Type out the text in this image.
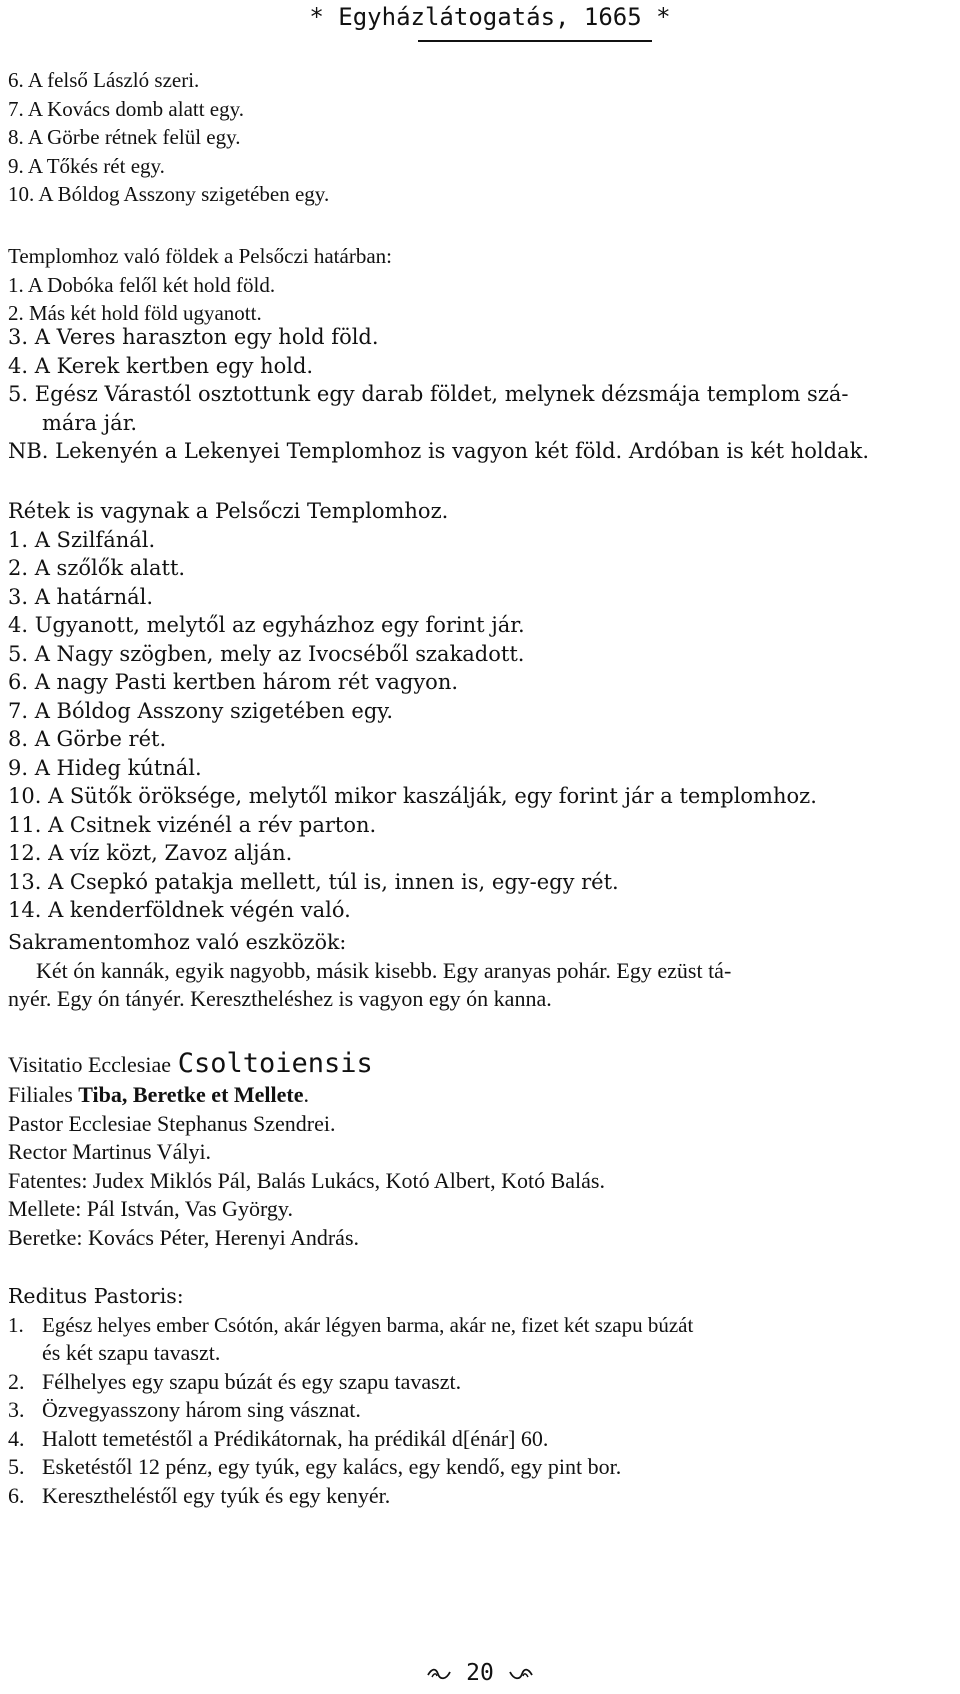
* Egyházlátogatás, 1665 *
6. A felső László szeri.
7. A Kovács domb alatt egy.
8. A Görbe rétnek felül egy.
9. A Tőkés rét egy.
10. A Bóldog Asszony szigetében egy.
Templomhoz való földek a Pelsőczi határban:
1. A Dobóka felől két hold föld.
2. Más két hold föld ugyanott.
3. A Veres haraszton egy hold föld.
4. A Kerek kertben egy hold.
5. Egész Várastól osztottunk egy darab földet, melynek dézsmája templom szá-
mára jár.
NB. Lekenyén a Lekenyei Templomhoz is vagyon két föld. Ardóban is két holdak.
Rétek is vagynak a Pelsőczi Templomhoz.
1. A Szilfánál.
2. A szőlők alatt.
3. A határnál.
4. Ugyanott, melytől az egyházhoz egy forint jár.
5. A Nagy szögben, mely az Ivocséből szakadott.
6. A nagy Pasti kertben három rét vagyon.
7. A Bóldog Asszony szigetében egy.
8. A Görbe rét.
9. A Hideg kútnál.
10. A Sütők öröksége, melytől mikor kaszálják, egy forint jár a templomhoz.
11. A Csitnek vizénél a rév parton.
12. A víz közt, Zavoz alján.
13. A Csepkó patakja mellett, túl is, innen is, egy-egy rét.
14. A kenderföldnek végén való.
Sakramentomhoz való eszközök:
Két ón kannák, egyik nagyobb, másik kisebb. Egy aranyas pohár. Egy ezüst tá-
nyér. Egy ón tányér. Keresztheléshez is vagyon egy ón kanna.
Visitatio Ecclesiae Csoltoiensis
Filiales Tiba, Beretke et Mellete.
Pastor Ecclesiae Stephanus Szendrei.
Rector Martinus Vályi.
Fatentes: Judex Miklós Pál, Balás Lukács, Kotó Albert, Kotó Balás.
Mellete: Pál István, Vas György.
Beretke: Kovács Péter, Herenyi András.
Reditus Pastoris:
1. Egész helyes ember Csótón, akár légyen barma, akár ne, fizet két szapu búzát
és két szapu tavaszt.
2. Félhelyes egy szapu búzát és egy szapu tavaszt.
3. Özvegyasszony három sing vásznat.
4. Halott temetéstől a Prédikátornak, ha prédikál d[énár] 60.
5. Esketéstől 12 pénz, egy tyúk, egy kalács, egy kendő, egy pint bor.
6. Keresztheléstől egy tyúk és egy kenyér.
20
